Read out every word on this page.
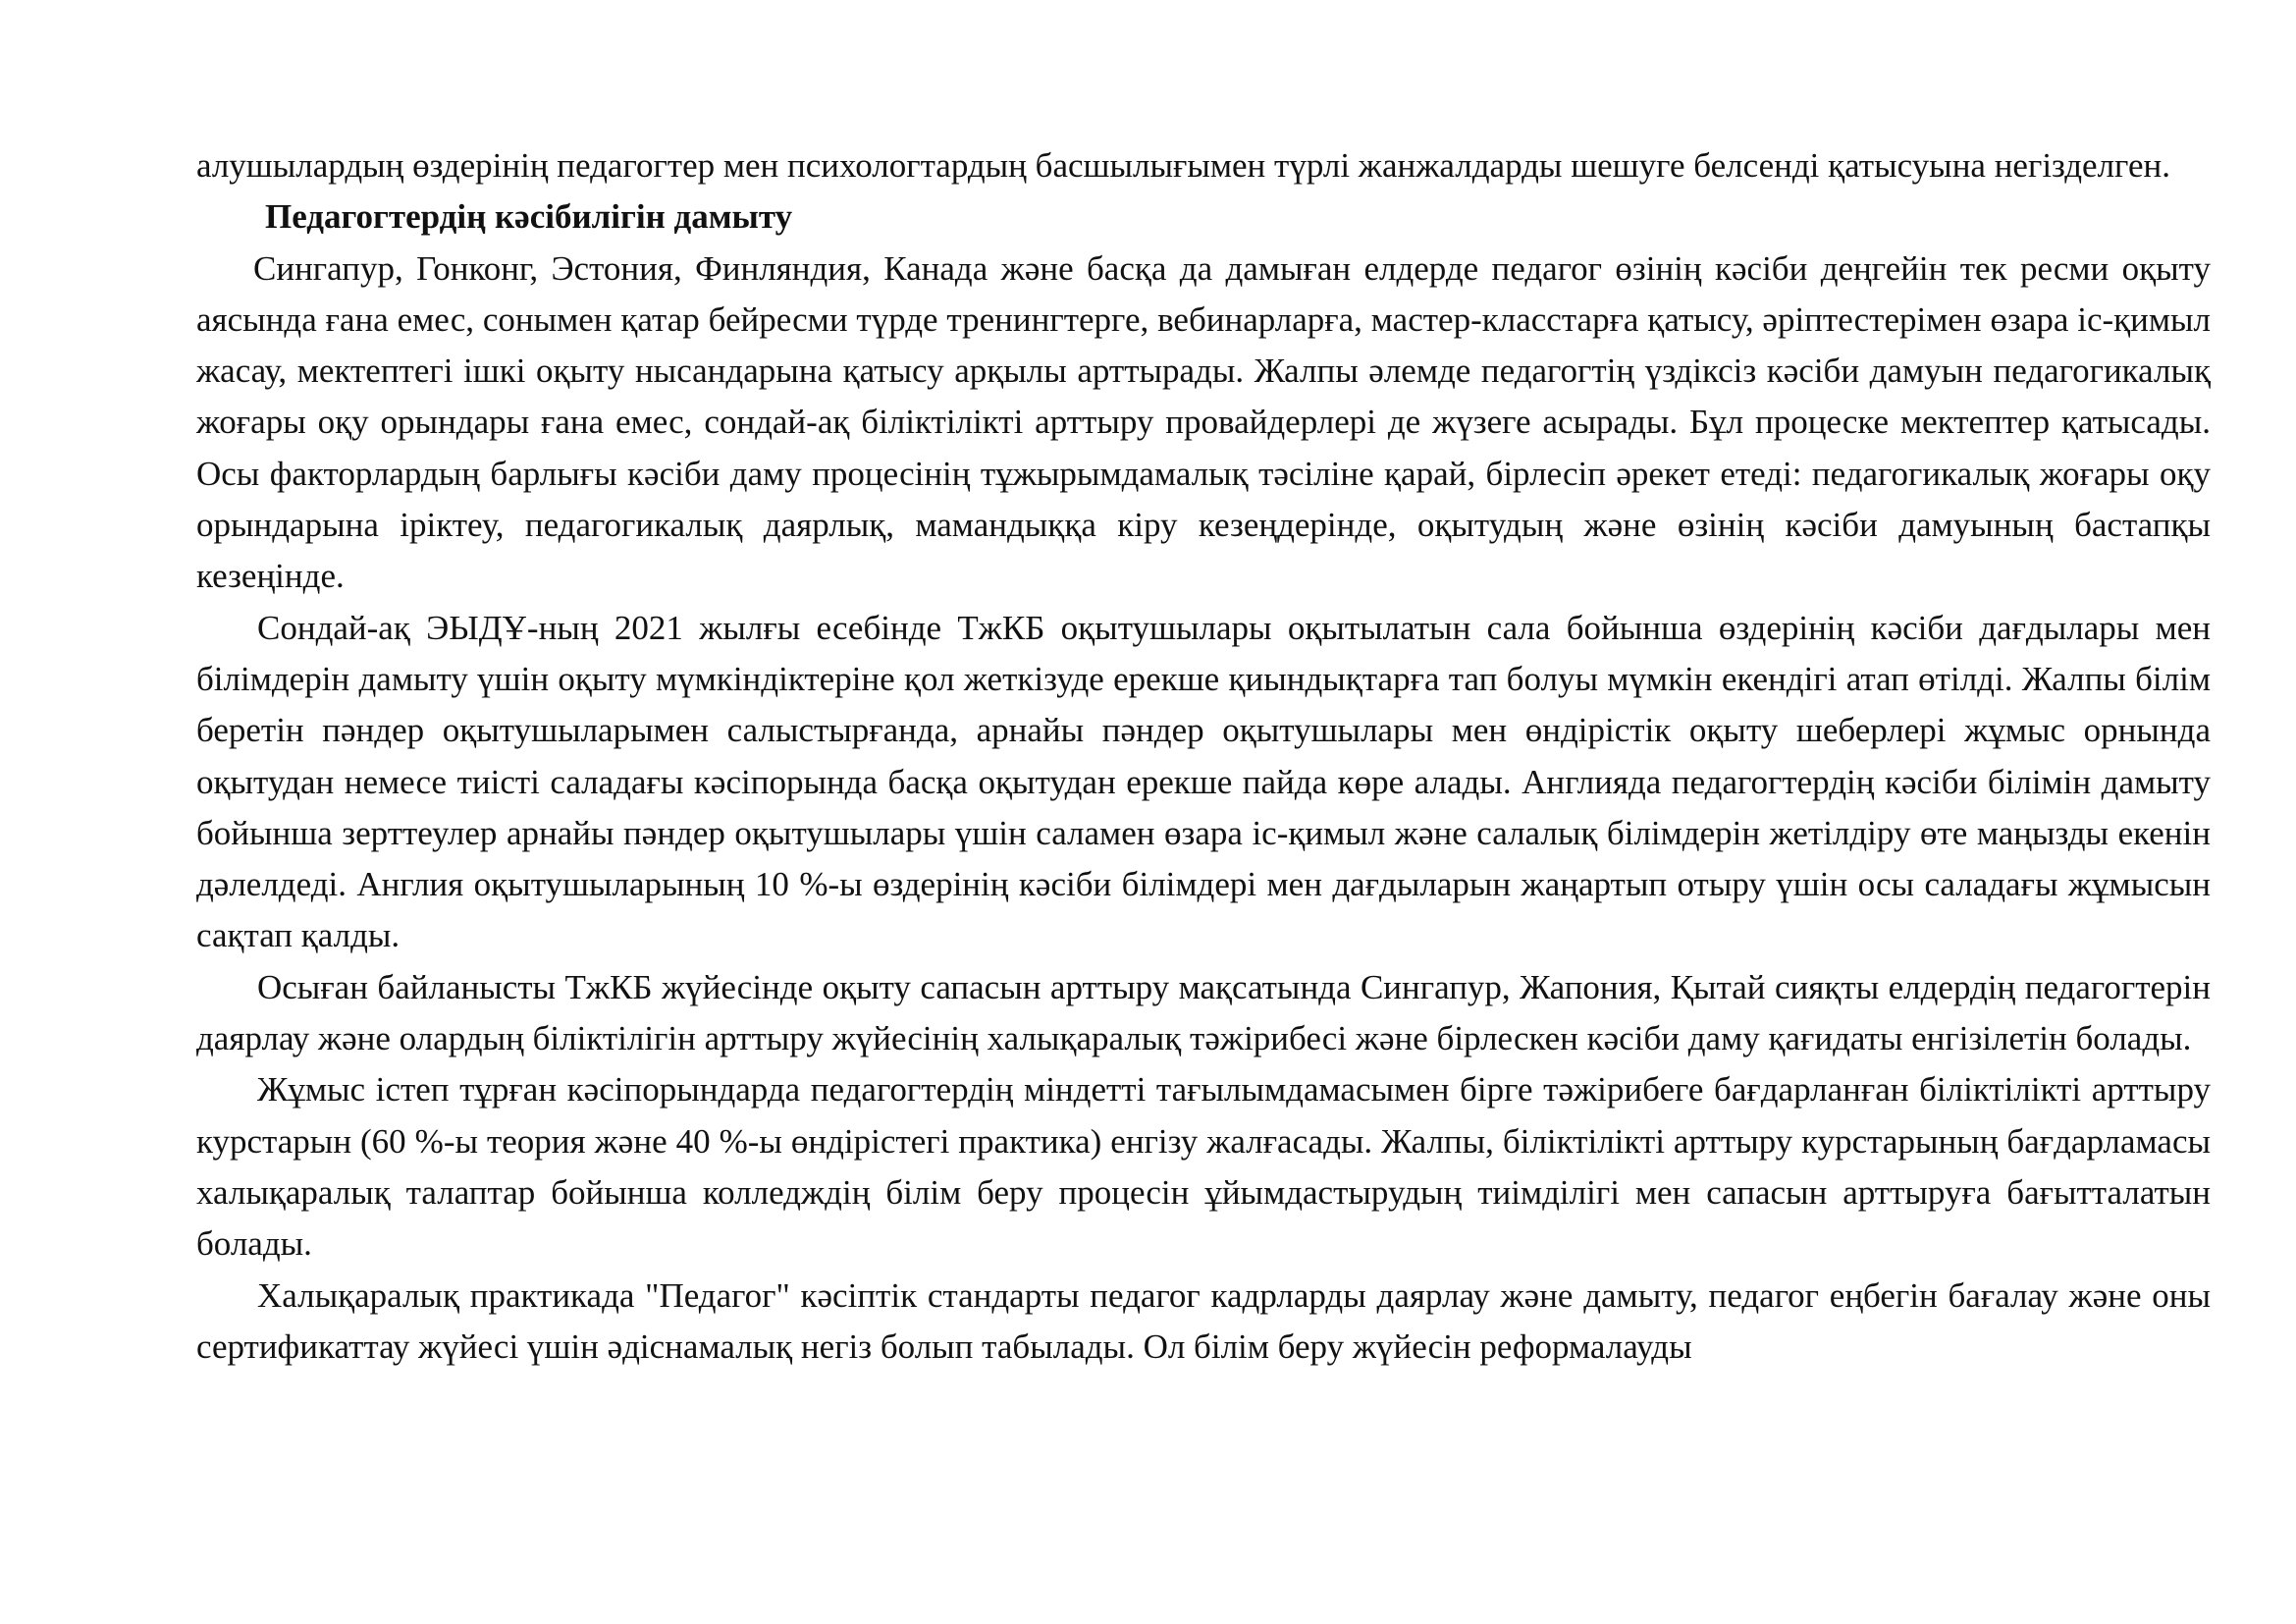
алушылардың өздерінің педагогтер мен психологтардың басшылығымен түрлі жанжалдарды шешуге белсенді қатысуына негізделген.

Педагогтердің кәсібилігін дамыту

Сингапур, Гонконг, Эстония, Финляндия, Канада және басқа да дамыған елдерде педагог өзінің кәсіби деңгейін тек ресми оқыту аясында ғана емес, сонымен қатар бейресми түрде тренингтерге, вебинарларға, мастер-класстарға қатысу, әріптестерімен өзара іс-қимыл жасау, мектептегі ішкі оқыту нысандарына қатысу арқылы арттырады. Жалпы әлемде педагогтің үздіксіз кәсіби дамуын педагогикалық жоғары оқу орындары ғана емес, сондай-ақ біліктілікті арттыру провайдерлері де жүзеге асырады. Бұл процеске мектептер қатысады. Осы факторлардың барлығы кәсіби даму процесінің тұжырымдамалық тәсіліне қарай, бірлесіп әрекет етеді: педагогикалық жоғары оқу орындарына іріктеу, педагогикалық даярлық, мамандыққа кіру кезеңдерінде, оқытудың және өзінің кәсіби дамуының бастапқы кезеңінде.

Сондай-ақ ЭЫДҰ-ның 2021 жылғы есебінде ТжКБ оқытушылары оқытылатын сала бойынша өздерінің кәсіби дағдылары мен білімдерін дамыту үшін оқыту мүмкіндіктеріне қол жеткізуде ерекше қиындықтарға тап болуы мүмкін екендігі атап өтілді. Жалпы білім беретін пәндер оқытушыларымен салыстырғанда, арнайы пәндер оқытушылары мен өндірістік оқыту шеберлері жұмыс орнында оқытудан немесе тиісті саладағы кәсіпорында басқа оқытудан ерекше пайда көре алады. Англияда педагогтердің кәсіби білімін дамыту бойынша зерттеулер арнайы пәндер оқытушылары үшін саламен өзара іс-қимыл және салалық білімдерін жетілдіру өте маңызды екенін дәлелдеді. Англия оқытушыларының 10 %-ы өздерінің кәсіби білімдері мен дағдыларын жаңартып отыру үшін осы саладағы жұмысын сақтап қалды.

Осыған байланысты ТжКБ жүйесінде оқыту сапасын арттыру мақсатында Сингапур, Жапония, Қытай сияқты елдердің педагогтерін даярлау және олардың біліктілігін арттыру жүйесінің халықаралық тәжірибесі және бірлескен кәсіби даму қағидаты енгізілетін болады.

Жұмыс істеп тұрған кәсіпорындарда педагогтердің міндетті тағылымдамасымен бірге тәжірибеге бағдарланған біліктілікті арттыру курстарын (60 %-ы теория және 40 %-ы өндірістегі практика) енгізу жалғасады. Жалпы, біліктілікті арттыру курстарының бағдарламасы халықаралық талаптар бойынша колледждің білім беру процесін ұйымдастырудың тиімділігі мен сапасын арттыруға бағытталатын болады.

Халықаралық практикада "Педагог" кәсіптік стандарты педагог кадрларды даярлау және дамыту, педагог еңбегін бағалау және оны сертификаттау жүйесі үшін әдіснамалық негіз болып табылады. Ол білім беру жүйесін реформалауды
